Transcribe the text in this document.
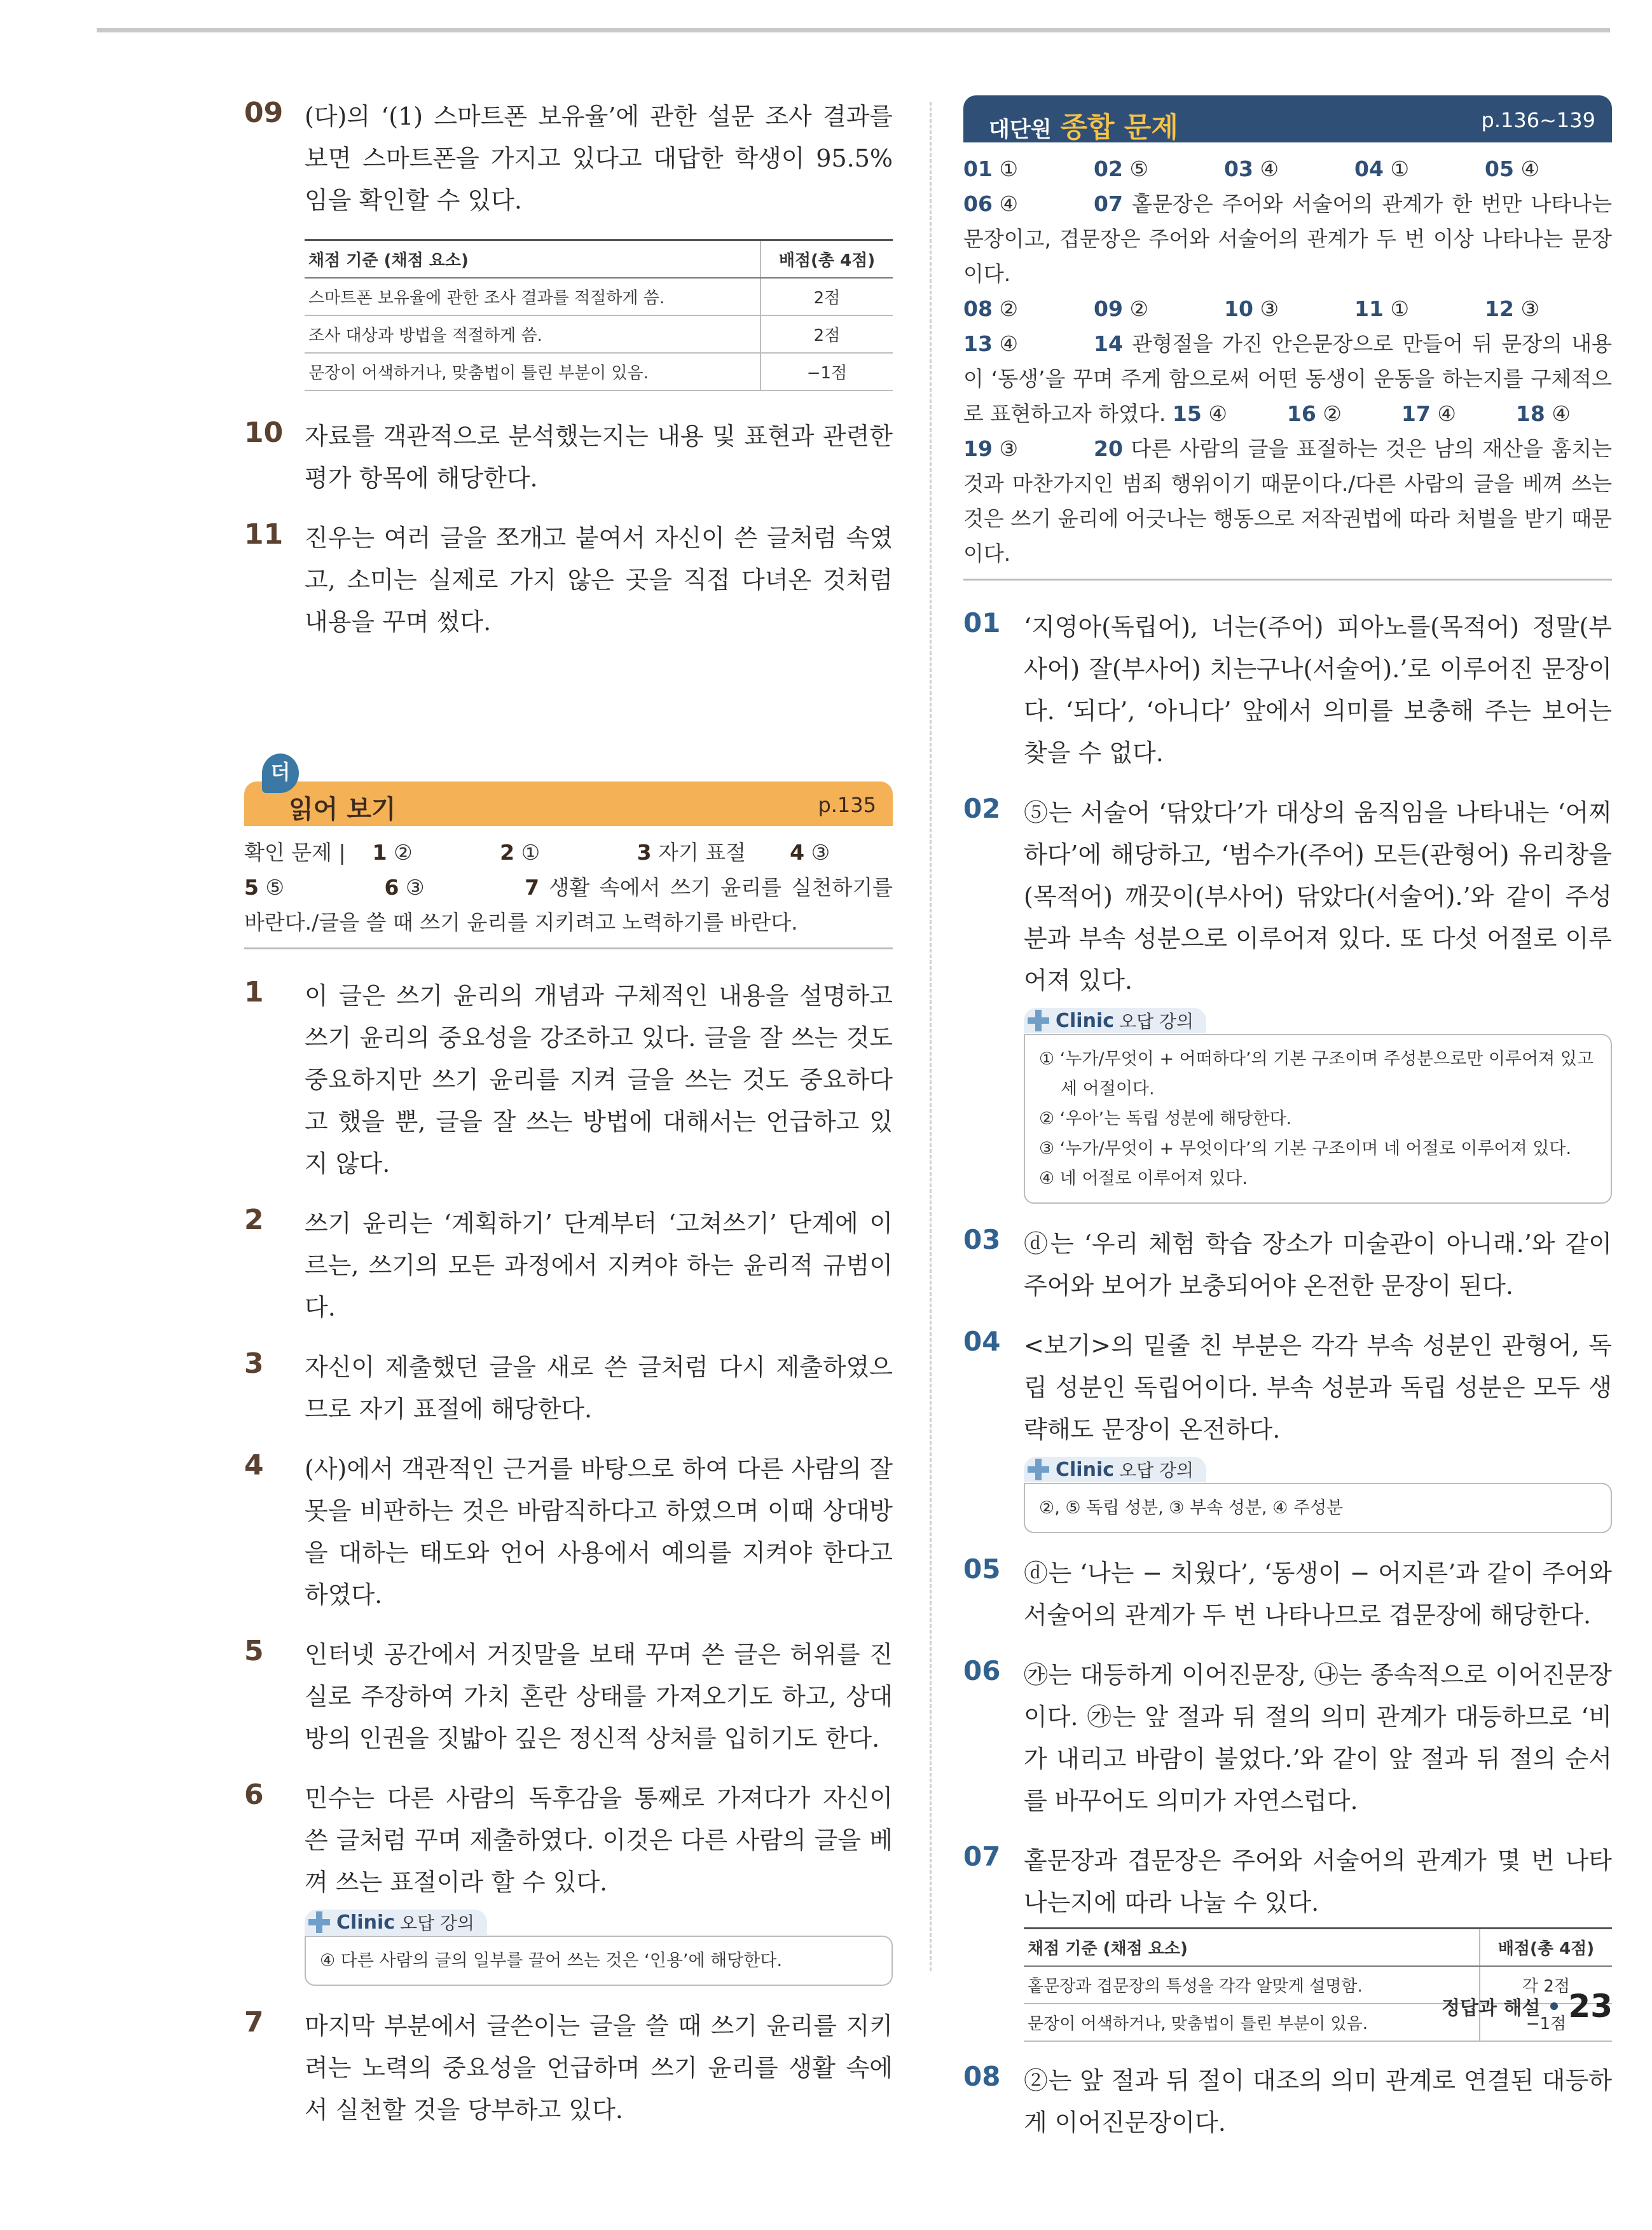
09 (다)의 ‘(1) 스마트폰 보유율’에 관한 설문 조사 결과를 보면 스마트폰을 가지고 있다고 대답한 학생이 95.5%임을 확인할 수 있다.
채점 기준 (채점 요소)	배점(총 4점)
스마트폰 보유율에 관한 조사 결과를 적절하게 씀.	2점
조사 대상과 방법을 적절하게 씀.	2점
문장이 어색하거나, 맞춤법이 틀린 부분이 있음.	−1점
10 자료를 객관적으로 분석했는지는 내용 및 표현과 관련한 평가 항목에 해당한다.
11 진우는 여러 글을 쪼개고 붙여서 자신이 쓴 글처럼 속였고, 소미는 실제로 가지 않은 곳을 직접 다녀온 것처럼 내용을 꾸며 썼다.
더
읽어 보기	p.135
확인 문제 | 1 ②	2 ①	3 자기 표절 4 ③
5 ⑤	6 ③	7 생활 속에서 쓰기 윤리를 실천하기를 바란다./글을 쓸 때 쓰기 윤리를 지키려고 노력하기를 바란다.
1	이 글은 쓰기 윤리의 개념과 구체적인 내용을 설명하고 쓰기 윤리의 중요성을 강조하고 있다. 글을 잘 쓰는 것도 중요하지만 쓰기 윤리를 지켜 글을 쓰는 것도 중요하다고 했을 뿐, 글을 잘 쓰는 방법에 대해서는 언급하고 있지 않다.
2	쓰기 윤리는 ‘계획하기’ 단계부터 ‘고쳐쓰기’ 단계에 이르는, 쓰기의 모든 과정에서 지켜야 하는 윤리적 규범이다.
3	자신이 제출했던 글을 새로 쓴 글처럼 다시 제출하였으므로 자기 표절에 해당한다.
4	(사)에서 객관적인 근거를 바탕으로 하여 다른 사람의 잘못을 비판하는 것은 바람직하다고 하였으며 이때 상대방을 대하는 태도와 언어 사용에서 예의를 지켜야 한다고 하였다.
5	인터넷 공간에서 거짓말을 보태 꾸며 쓴 글은 허위를 진실로 주장하여 가치 혼란 상태를 가져오기도 하고, 상대방의 인권을 짓밟아 깊은 정신적 상처를 입히기도 한다.
6	민수는 다른 사람의 독후감을 통째로 가져다가 자신이 쓴 글처럼 꾸며 제출하였다. 이것은 다른 사람의 글을 베껴 쓰는 표절이라 할 수 있다.
Clinic 오답 강의
④ 다른 사람의 글의 일부를 끌어 쓰는 것은 ‘인용’에 해당한다.
7	마지막 부분에서 글쓴이는 글을 쓸 때 쓰기 윤리를 지키려는 노력의 중요성을 언급하며 쓰기 윤리를 생활 속에서 실천할 것을 당부하고 있다.
대단원 종합 문제	p.136~139
01 ①	02 ⑤	03 ④	04 ①	05 ④
06 ④	07 홑문장은 주어와 서술어의 관계가 한 번만 나타나는 문장이고, 겹문장은 주어와 서술어의 관계가 두 번 이상 나타나는 문장이다.
08 ②	09 ②	10 ③	11 ①	12 ③
13 ④	14 관형절을 가진 안은문장으로 만들어 뒤 문장의 내용이 ‘동생’을 꾸며 주게 함으로써 어떤 동생이 운동을 하는지를 구체적으로 표현하고자 하였다. 15 ④	16 ②	17 ④	18 ④
19 ③	20 다른 사람의 글을 표절하는 것은 남의 재산을 훔치는 것과 마찬가지인 범죄 행위이기 때문이다./다른 사람의 글을 베껴 쓰는 것은 쓰기 윤리에 어긋나는 행동으로 저작권법에 따라 처벌을 받기 때문이다.
01 ‘지영아(독립어), 너는(주어) 피아노를(목적어) 정말(부사어) 잘(부사어) 치는구나(서술어).’로 이루어진 문장이다. ‘되다’, ‘아니다’ 앞에서 의미를 보충해 주는 보어는 찾을 수 없다.
02 ⑤는 서술어 ‘닦았다’가 대상의 움직임을 나타내는 ‘어찌하다’에 해당하고, ‘범수가(주어) 모든(관형어) 유리창을(목적어) 깨끗이(부사어) 닦았다(서술어).’와 같이 주성분과 부속 성분으로 이루어져 있다. 또 다섯 어절로 이루어져 있다.
Clinic 오답 강의
① ‘누가/무엇이 + 어떠하다’의 기본 구조이며 주성분으로만 이루어져 있고
세 어절이다.
② ‘우아’는 독립 성분에 해당한다.
③ ‘누가/무엇이 + 무엇이다’의 기본 구조이며 네 어절로 이루어져 있다.
④ 네 어절로 이루어져 있다.
03 ⓓ는 ‘우리 체험 학습 장소가 미술관이 아니래.’와 같이 주어와 보어가 보충되어야 온전한 문장이 된다.
04 <보기>의 밑줄 친 부분은 각각 부속 성분인 관형어, 독립 성분인 독립어이다. 부속 성분과 독립 성분은 모두 생략해도 문장이 온전하다.
Clinic 오답 강의
②, ⑤ 독립 성분, ③ 부속 성분, ④ 주성분
05 ⓓ는 ‘나는 − 치웠다’, ‘동생이 − 어지른’과 같이 주어와 서술어의 관계가 두 번 나타나므로 겹문장에 해당한다.
06 ㉮는 대등하게 이어진문장, ㉯는 종속적으로 이어진문장이다. ㉮는 앞 절과 뒤 절의 의미 관계가 대등하므로 ‘비가 내리고 바람이 불었다.’와 같이 앞 절과 뒤 절의 순서를 바꾸어도 의미가 자연스럽다.
07 홑문장과 겹문장은 주어와 서술어의 관계가 몇 번 나타나는지에 따라 나눌 수 있다.
채점 기준 (채점 요소)	배점(총 4점)
홑문장과 겹문장의 특성을 각각 알맞게 설명함.	각 2점
문장이 어색하거나, 맞춤법이 틀린 부분이 있음.	−1점
08 ②는 앞 절과 뒤 절이 대조의 의미 관계로 연결된 대등하게 이어진문장이다.
정답과 해설 23
